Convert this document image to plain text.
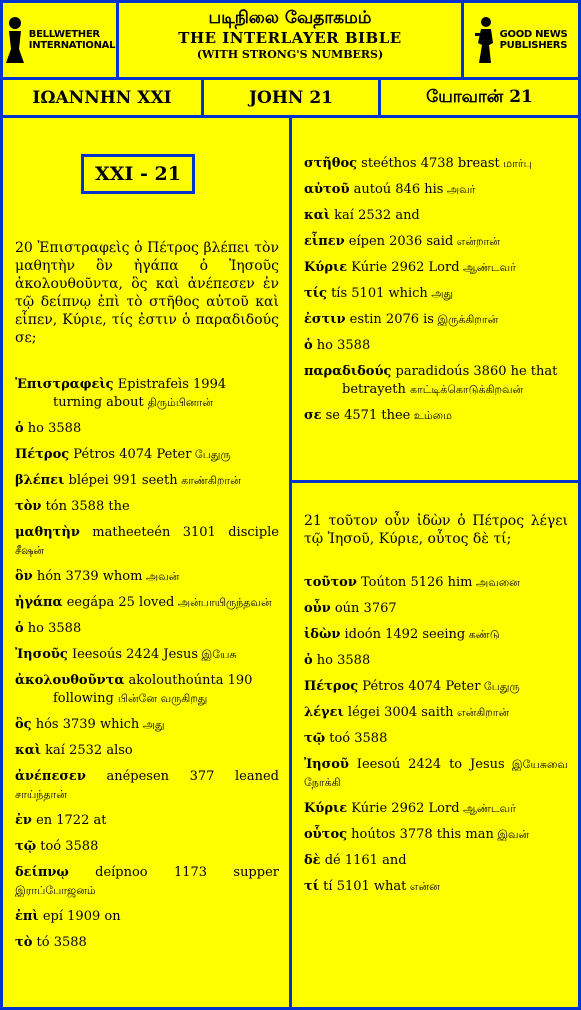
BELLWETHER
INTERNATIONAL
படிநிலை வேதாகமம்
THE INTERLAYER BIBLE
(WITH STRONG'S NUMBERS)
GOOD NEWS
PUBLISHERS
ΙΩΑΝΝΗΝ XXI	JOHN 21	யோவான் 21
XXI - 21
20 Ἐπιστραφεὶς ὁ Πέτρος βλέπει τὸν μαθητὴν ὃν ἠγάπα ὁ Ἰησοῦς ἀκολουθοῦντα, ὃς καὶ ἀνέπεσεν ἐν τῷ δείπνῳ ἐπὶ τὸ στῆθος αὐτοῦ καὶ εἶπεν, Κύριε, τίς ἐστιν ὁ παραδιδούς σε;
Ἐπιστραφεὶς Epistrafeìs 1994
turning about திரும்பினான்
ὁ ho 3588
Πέτρος Pétros 4074 Peter பேதுரு
βλέπει blépei 991 seeth காண்கிறான்
τὸν tón 3588 the
μαθητὴν matheeteén 3101 disciple சீஷன்
ὃν hón 3739 whom அவன்
ἠγάπα eegápa 25 loved அன்பாயிருந்தவன்
ὁ ho 3588
Ἰησοῦς Ieesoús 2424 Jesus இயேசு
ἀκολουθοῦντα akolouthoúnta 190
following பின்னே வருகிறது
ὃς hós 3739 which அது
καὶ kaí 2532 also
ἀνέπεσεν anépesen 377 leaned சாய்ந்தான்
ἐν en 1722 at
τῷ toó 3588
δείπνῳ deípnoo 1173 supper இராப்போஜனம்
ἐπὶ epí 1909 on
τὸ tó 3588
στῆθος steéthos 4738 breast மார்பு
αὐτοῦ autoú 846 his அவர்
καὶ kaí 2532 and
εἶπεν eípen 2036 said என்றான்
Κύριε Kúrie 2962 Lord ஆண்டவர்
τίς tís 5101 which அது
ἐστιν estin 2076 is இருக்கிறான்
ὁ ho 3588
παραδιδούς paradidoús 3860 he that
betrayeth காட்டிக்கொடுக்கிறவன்
σε se 4571 thee உம்மை
21 τοῦτον οὖν ἰδὼν ὁ Πέτρος λέγει τῷ Ἰησοῦ, Κύριε, οὗτος δὲ τί;
τοῦτον Toúton 5126 him அவனை
οὖν oún 3767
ἰδὼν idoón 1492 seeing கண்டு
ὁ ho 3588
Πέτρος Pétros 4074 Peter பேதுரு
λέγει légei 3004 saith என்கிறான்
τῷ toó 3588
Ἰησοῦ Ieesoú 2424 to Jesus இயேசுவை நோக்கி
Κύριε Kúrie 2962 Lord ஆண்டவர்
οὗτος hoútos 3778 this man இவன்
δὲ dé 1161 and
τί tí 5101 what என்ன
